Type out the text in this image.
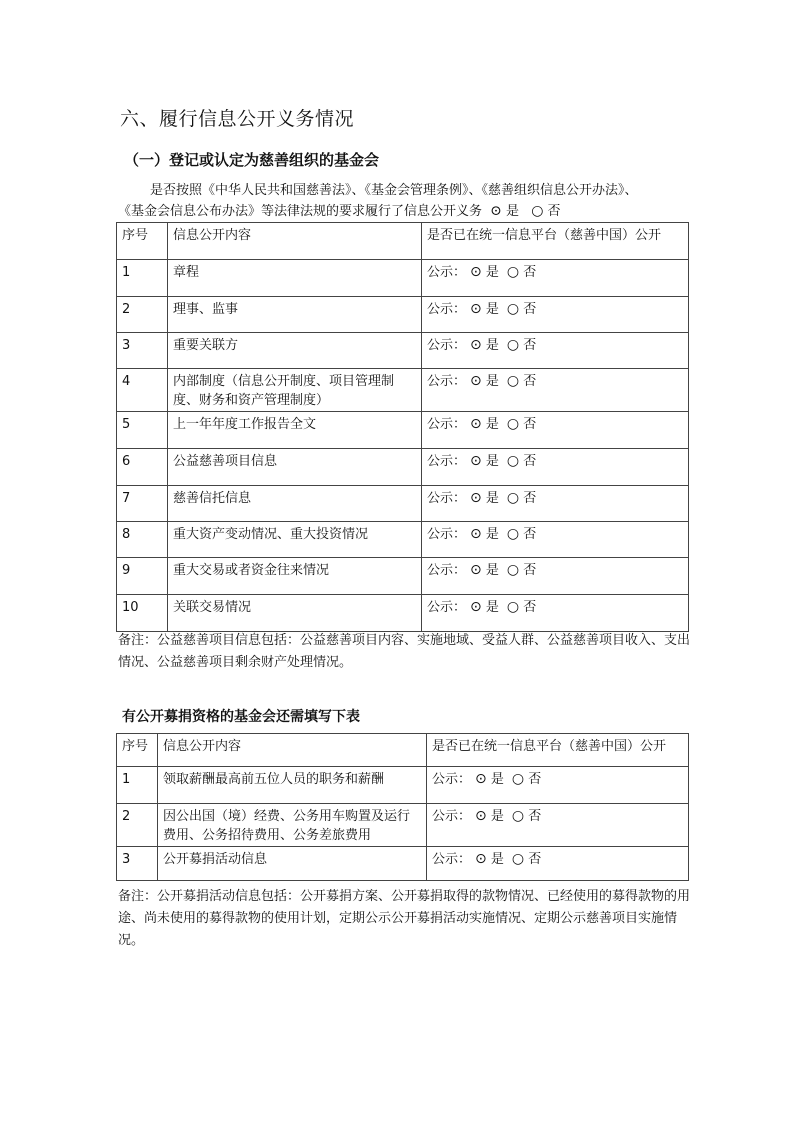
六、履行信息公开义务情况
（一）登记或认定为慈善组织的基金会
是否按照《中华人民共和国慈善法》、《基金会管理条例》、《慈善组织信息公开办法》、
《基金会信息公布办法》等法律法规的要求履行了信息公开义务 ⊙ 是 ○ 否
序号	信息公开内容	是否已在统一信息平台（慈善中国）公开
1	章程	公示： ⊙ 是 ○ 否
2	理事、监事	公示： ⊙ 是 ○ 否
3	重要关联方	公示： ⊙ 是 ○ 否
4	内部制度（信息公开制度、项目管理制度、财务和资产管理制度）	公示： ⊙ 是 ○ 否
5	上一年年度工作报告全文	公示： ⊙ 是 ○ 否
6	公益慈善项目信息	公示： ⊙ 是 ○ 否
7	慈善信托信息	公示： ⊙ 是 ○ 否
8	重大资产变动情况、重大投资情况	公示： ⊙ 是 ○ 否
9	重大交易或者资金往来情况	公示： ⊙ 是 ○ 否
10	关联交易情况	公示： ⊙ 是 ○ 否
备注：公益慈善项目信息包括：公益慈善项目内容、实施地域、受益人群、公益慈善项目收入、支出情况、公益慈善项目剩余财产处理情况。
有公开募捐资格的基金会还需填写下表
序号	信息公开内容	是否已在统一信息平台（慈善中国）公开
1	领取薪酬最高前五位人员的职务和薪酬	公示： ⊙ 是 ○ 否
2	因公出国（境）经费、公务用车购置及运行费用、公务招待费用、公务差旅费用	公示： ⊙ 是 ○ 否
3	公开募捐活动信息	公示： ⊙ 是 ○ 否
备注：公开募捐活动信息包括：公开募捐方案、公开募捐取得的款物情况、已经使用的募得款物的用途、尚未使用的募得款物的使用计划，定期公示公开募捐活动实施情况、定期公示慈善项目实施情况。
